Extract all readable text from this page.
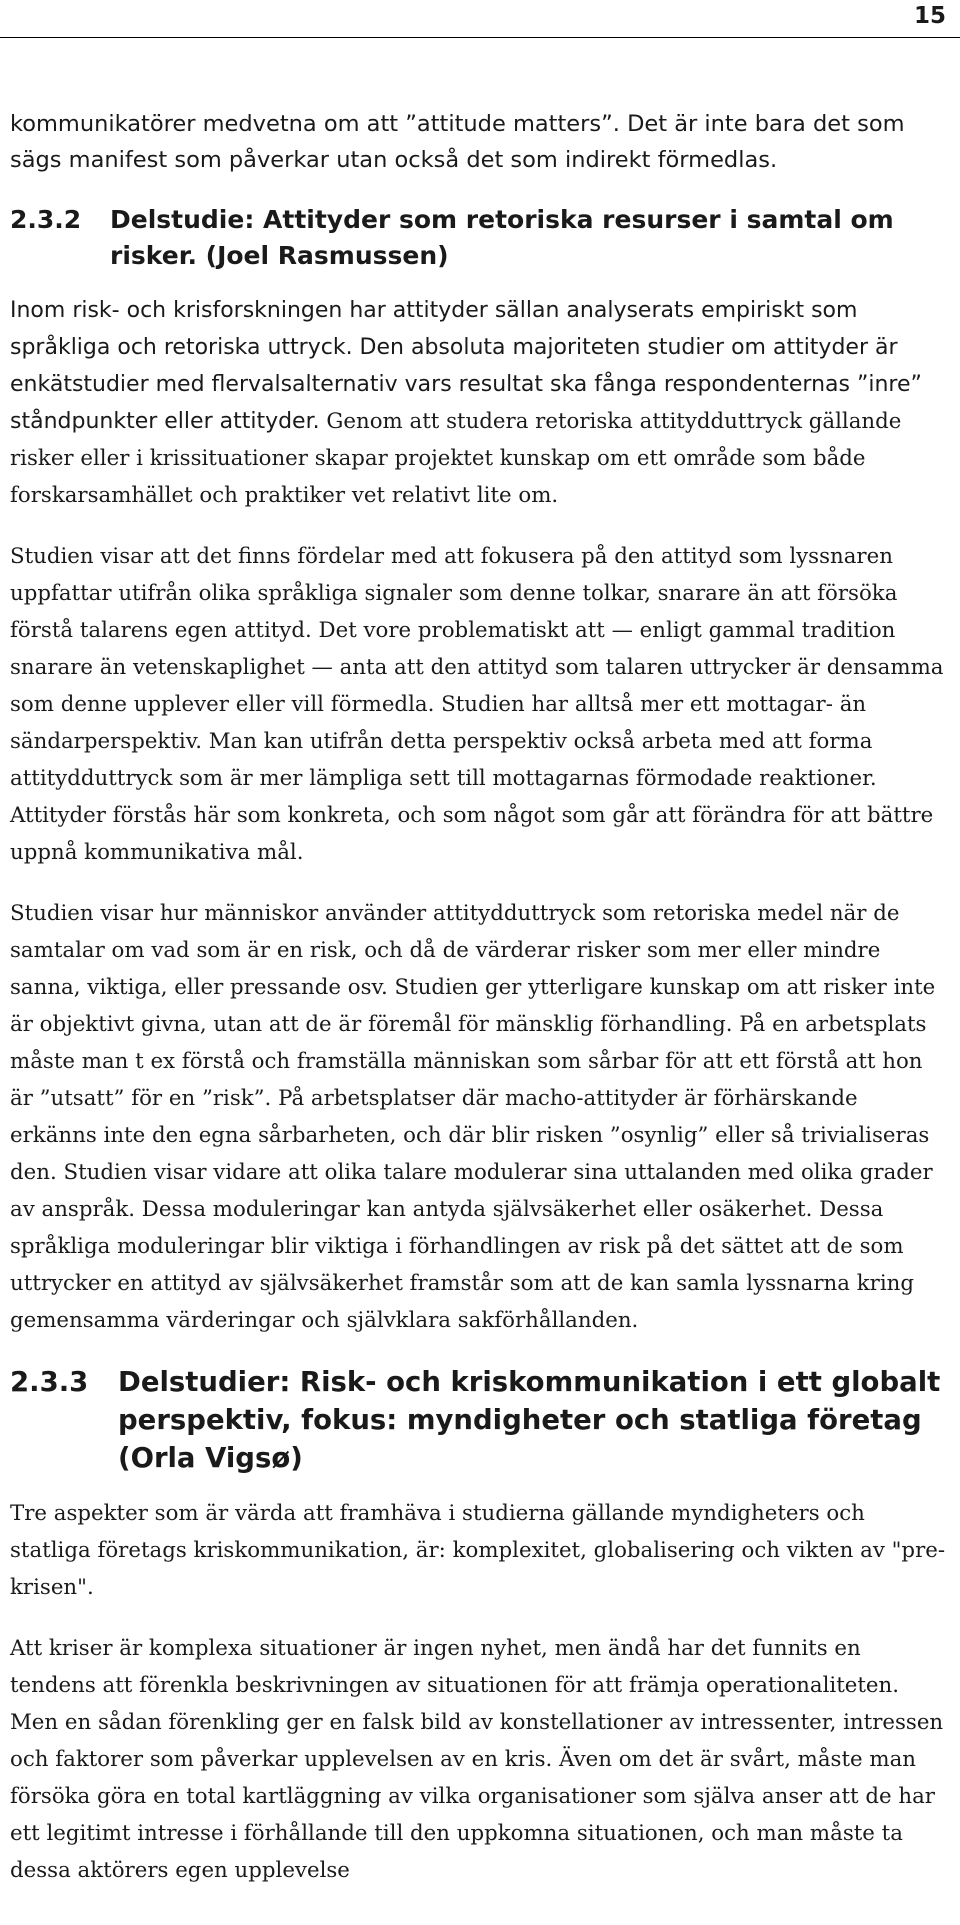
15

kommunikatörer medvetna om att ”attitude matters”. Det är inte bara det som sägs manifest som påverkar utan också det som indirekt förmedlas.

2.3.2	Delstudie: Attityder som retoriska resurser i samtal om risker. (Joel Rasmussen)

Inom risk- och krisforskningen har attityder sällan analyserats empiriskt som språkliga och retoriska uttryck. Den absoluta majoriteten studier om attityder är enkätstudier med flervalsalternativ vars resultat ska fånga respondenternas ”inre” ståndpunkter eller attityder. Genom att studera retoriska attitydduttryck gällande risker eller i krissituationer skapar projektet kunskap om ett område som både forskarsamhället och praktiker vet relativt lite om.

Studien visar att det finns fördelar med att fokusera på den attityd som lyssnaren uppfattar utifrån olika språkliga signaler som denne tolkar, snarare än att försöka förstå talarens egen attityd. Det vore problematiskt att — enligt gammal tradition snarare än vetenskaplighet — anta att den attityd som talaren uttrycker är densamma som denne upplever eller vill förmedla. Studien har alltså mer ett mottagar- än sändarperspektiv. Man kan utifrån detta perspektiv också arbeta med att forma attitydduttryck som är mer lämpliga sett till mottagarnas förmodade reaktioner. Attityder förstås här som konkreta, och som något som går att förändra för att bättre uppnå kommunikativa mål.

Studien visar hur människor använder attitydduttryck som retoriska medel när de samtalar om vad som är en risk, och då de värderar risker som mer eller mindre sanna, viktiga, eller pressande osv. Studien ger ytterligare kunskap om att risker inte är objektivt givna, utan att de är föremål för mänsklig förhandling. På en arbetsplats måste man t ex förstå och framställa människan som sårbar för att ett förstå att hon är ”utsatt” för en ”risk”. På arbetsplatser där macho-attityder är förhärskande erkänns inte den egna sårbarheten, och där blir risken ”osynlig” eller så trivialiseras den. Studien visar vidare att olika talare modulerar sina uttalanden med olika grader av anspråk. Dessa moduleringar kan antyda självsäkerhet eller osäkerhet. Dessa språkliga moduleringar blir viktiga i förhandlingen av risk på det sättet att de som uttrycker en attityd av självsäkerhet framstår som att de kan samla lyssnarna kring gemensamma värderingar och självklara sakförhållanden.

2.3.3	Delstudier: Risk- och kriskommunikation i ett globalt perspektiv, fokus: myndigheter och statliga företag (Orla Vigsø)

Tre aspekter som är värda att framhäva i studierna gällande myndigheters och statliga företags kriskommunikation, är: komplexitet, globalisering och vikten av "pre-krisen".

Att kriser är komplexa situationer är ingen nyhet, men ändå har det funnits en tendens att förenkla beskrivningen av situationen för att främja operationaliteten. Men en sådan förenkling ger en falsk bild av konstellationer av intressenter, intressen och faktorer som påverkar upplevelsen av en kris. Även om det är svårt, måste man försöka göra en total kartläggning av vilka organisationer som själva anser att de har ett legitimt intresse i förhållande till den uppkomna situationen, och man måste ta dessa aktörers egen upplevelse
